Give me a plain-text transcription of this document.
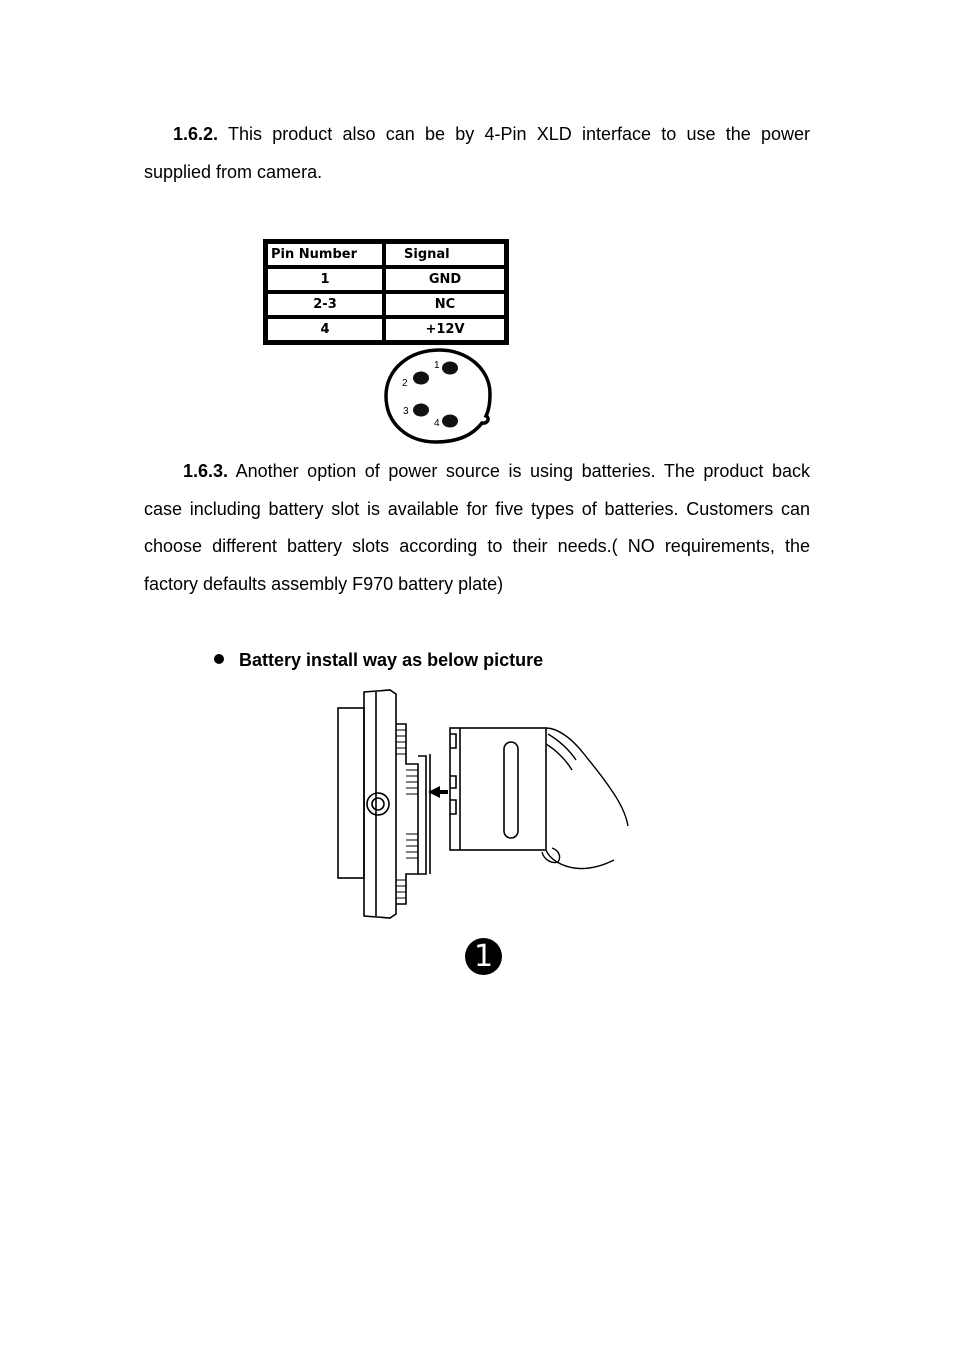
1.6.2. This product also can be by 4-Pin XLD interface to use the power supplied from camera.

Pin Number	Signal
1	GND
2-3	NC
4	+12V
1
2
3
4

1.6.3. Another option of power source is using batteries. The product back case including battery slot is available for five types of batteries. Customers can choose different battery slots according to their needs.( NO requirements, the factory defaults assembly F970 battery plate)

Battery install way as below picture
1
